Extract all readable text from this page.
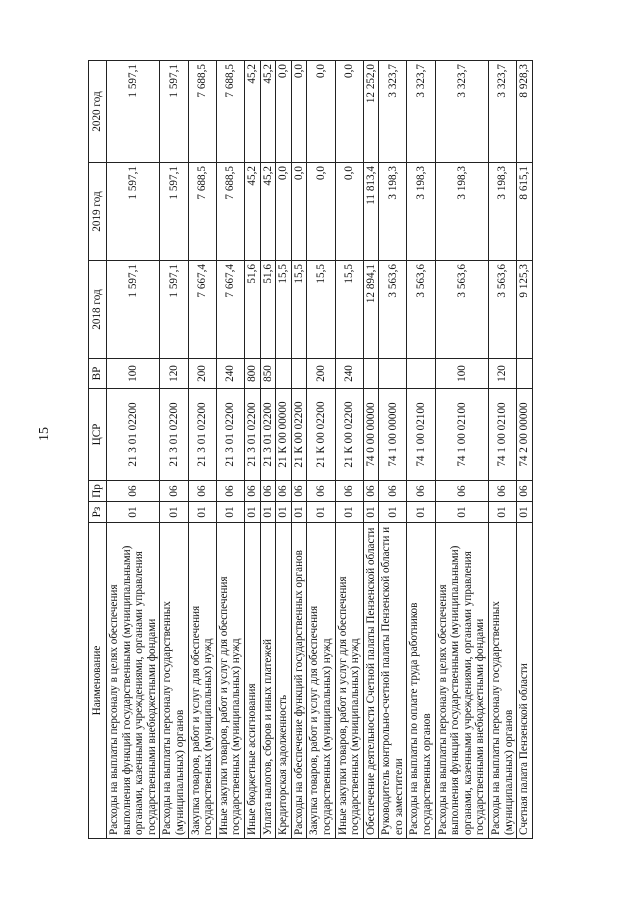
15
Наименование	Рз	Пр	ЦСР	ВР	2018 год	2019 год	2020 год
Расходы на выплаты персоналу в целях обеспечения выполнения функций государственными (муниципальными) органами, казенными учреждениями, органами управления государственными внебюджетными фондами	01	06	21 3 01 02200	100	1 597,1	1 597,1	1 597,1
Расходы на выплаты персоналу государственных (муниципальных) органов	01	06	21 3 01 02200	120	1 597,1	1 597,1	1 597,1
Закупка товаров, работ и услуг для обеспечения государственных (муниципальных) нужд	01	06	21 3 01 02200	200	7 667,4	7 688,5	7 688,5
Иные закупки товаров, работ и услуг для обеспечения государственных (муниципальных) нужд	01	06	21 3 01 02200	240	7 667,4	7 688,5	7 688,5
Иные бюджетные ассигнования	01	06	21 3 01 02200	800	51,6	45,2	45,2
Уплата налогов, сборов и иных платежей	01	06	21 3 01 02200	850	51,6	45,2	45,2
Кредиторская задолженность	01	06	21 К 00 00000		15,5	0,0	0,0
Расходы на обеспечение функций государственных органов	01	06	21 К 00 02200		15,5	0,0	0,0
Закупка товаров, работ и услуг для обеспечения государственных (муниципальных) нужд	01	06	21 К 00 02200	200	15,5	0,0	0,0
Иные закупки товаров, работ и услуг для обеспечения государственных (муниципальных) нужд	01	06	21 К 00 02200	240	15,5	0,0	0,0
Обеспечение деятельности Счетной палаты Пензенской области	01	06	74 0 00 00000		12 894,1	11 813,4	12 252,0
Руководитель контрольно-счетной палаты Пензенской области и его заместители	01	06	74 1 00 00000		3 563,6	3 198,3	3 323,7
Расходы на выплаты по оплате труда работников государственных органов	01	06	74 1 00 02100		3 563,6	3 198,3	3 323,7
Расходы на выплаты персоналу в целях обеспечения выполнения функций государственными (муниципальными) органами, казенными учреждениями, органами управления государственными внебюджетными фондами	01	06	74 1 00 02100	100	3 563,6	3 198,3	3 323,7
Расходы на выплаты персоналу государственных (муниципальных) органов	01	06	74 1 00 02100	120	3 563,6	3 198,3	3 323,7
Счетная палата Пензенской области	01	06	74 2 00 00000		9 125,3	8 615,1	8 928,3
